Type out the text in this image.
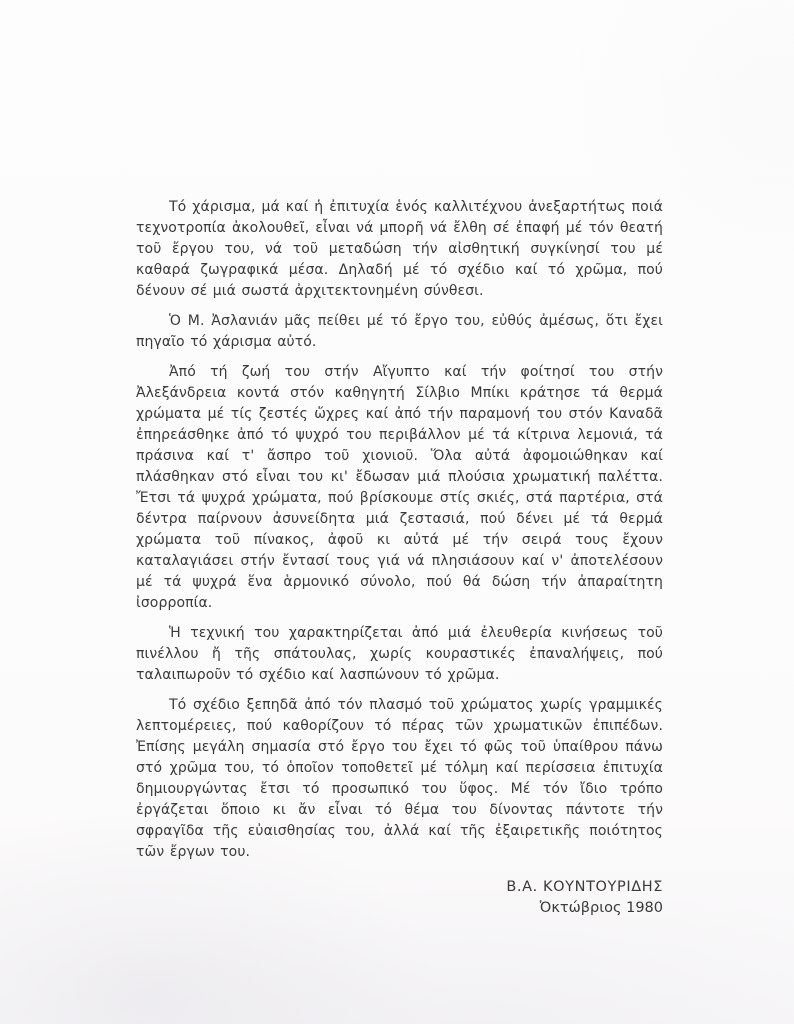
Τό χάρισμα, μά καί ἡ ἐπιτυχία ἑνός καλλιτέχνου ἀνεξαρτήτως ποιά τεχνοτροπία ἀκολουθεῖ, εἶναι νά μπορῆ νά ἔλθη σέ ἐπαφή μέ τόν θεατή τοῦ ἔργου του, νά τοῦ μεταδώση τήν αἰσθητική συγκίνησί του μέ καθαρά ζωγραφικά μέσα. Δηλαδή μέ τό σχέδιο καί τό χρῶμα, πού δένουν σέ μιά σωστά ἀρχιτεκτονημένη σύνθεσι.

Ὁ Μ. Ἀσλανιάν μᾶς πείθει μέ τό ἔργο του, εὐθύς ἀμέσως, ὅτι ἔχει πηγαῖο τό χάρισμα αὐτό.

Ἀπό τή ζωή του στήν Αἴγυπτο καί τήν φοίτησί του στήν Ἀλεξάνδρεια κοντά στόν καθηγητή Σίλβιο Μπίκι κράτησε τά θερμά χρώματα μέ τίς ζεστές ὤχρες καί ἀπό τήν παραμονή του στόν Καναδᾶ ἐπηρεάσθηκε ἀπό τό ψυχρό του περιβάλλον μέ τά κίτρινα λεμονιά, τά πράσινα καί τ' ἄσπρο τοῦ χιονιοῦ. Ὅλα αὐτά ἀφομοιώθηκαν καί πλάσθηκαν στό εἶναι του κι' ἔδωσαν μιά πλούσια χρωματική παλέττα. Ἔτσι τά ψυχρά χρώματα, πού βρίσκουμε στίς σκιές, στά παρτέρια, στά δέντρα παίρνουν ἀσυνείδητα μιά ζεστασιά, πού δένει μέ τά θερμά χρώματα τοῦ πίνακος, ἀφοῦ κι αὐτά μέ τήν σειρά τους ἔχουν καταλαγιάσει στήν ἔντασί τους γιά νά πλησιάσουν καί ν' ἀποτελέσουν μέ τά ψυχρά ἕνα ἁρμονικό σύνολο, πού θά δώση τήν ἀπαραίτητη ἰσορροπία.

Ἡ τεχνική του χαρακτηρίζεται ἀπό μιά ἐλευθερία κινήσεως τοῦ πινέλλου ἤ τῆς σπάτουλας, χωρίς κουραστικές ἐπαναλήψεις, πού ταλαιπωροῦν τό σχέδιο καί λασπώνουν τό χρῶμα.

Τό σχέδιο ξεπηδᾶ ἀπό τόν πλασμό τοῦ χρώματος χωρίς γραμμικές λεπτομέρειες, πού καθορίζουν τό πέρας τῶν χρωματικῶν ἐπιπέδων. Ἐπίσης μεγάλη σημασία στό ἔργο του ἔχει τό φῶς τοῦ ὑπαίθρου πάνω στό χρῶμα του, τό ὁποῖον τοποθετεῖ μέ τόλμη καί περίσσεια ἐπιτυχία δημιουργώντας ἔτσι τό προσωπικό του ὕφος. Μέ τόν ἴδιο τρόπο ἐργάζεται ὅποιο κι ἄν εἶναι τό θέμα του δίνοντας πάντοτε τήν σφραγῖδα τῆς εὐαισθησίας του, ἀλλά καί τῆς ἐξαιρετικῆς ποιότητος τῶν ἔργων του.

Β.Α. ΚΟΥΝΤΟΥΡΙΔΗΣ
Ὀκτώβριος 1980
